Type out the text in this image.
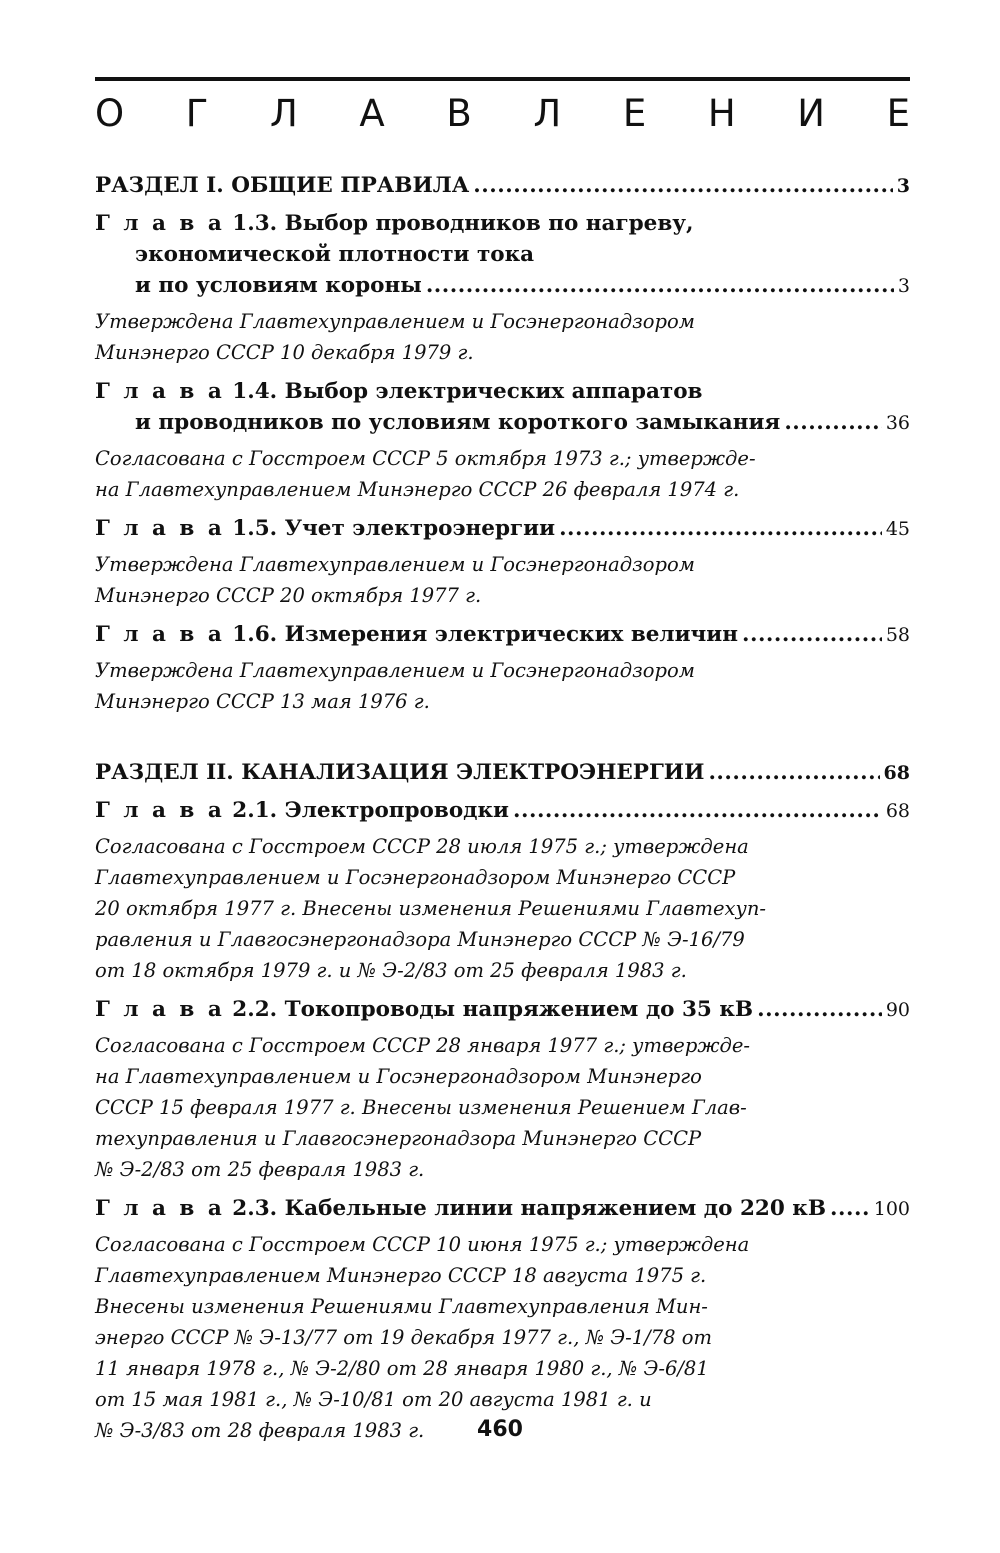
О Г Л А В Л Е Н И Е
РАЗДЕЛ I. ОБЩИЕ ПРАВИЛА .....	3
Г л а в а 1.3. Выбор проводников по нагреву,
экономической плотности тока
и по условиям короны .....	3
Утверждена Главтехуправлением и Госэнергонадзором
Минэнерго СССР 10 декабря 1979 г.
Г л а в а 1.4. Выбор электрических аппаратов
и проводников по условиям короткого замыкания .....	36
Согласована с Госстроем СССР 5 октября 1973 г.; утвержде-
на Главтехуправлением Минэнерго СССР 26 февраля 1974 г.
Г л а в а 1.5. Учет электроэнергии .....	45
Утверждена Главтехуправлением и Госэнергонадзором
Минэнерго СССР 20 октября 1977 г.
Г л а в а 1.6. Измерения электрических величин .....	58
Утверждена Главтехуправлением и Госэнергонадзором
Минэнерго СССР 13 мая 1976 г.
РАЗДЕЛ II. КАНАЛИЗАЦИЯ ЭЛЕКТРОЭНЕРГИИ .....	68
Г л а в а 2.1. Электропроводки .....	68
Согласована с Госстроем СССР 28 июля 1975 г.; утверждена
Главтехуправлением и Госэнергонадзором Минэнерго СССР
20 октября 1977 г. Внесены изменения Решениями Главтехуп-
равления и Главгосэнергонадзора Минэнерго СССР № Э-16/79
от 18 октября 1979 г. и № Э-2/83 от 25 февраля 1983 г.
Г л а в а 2.2. Токопроводы напряжением до 35 кВ .....	90
Согласована с Госстроем СССР 28 января 1977 г.; утвержде-
на Главтехуправлением и Госэнергонадзором Минэнерго
СССР 15 февраля 1977 г. Внесены изменения Решением Глав-
техуправления и Главгосэнергонадзора Минэнерго СССР
№ Э-2/83 от 25 февраля 1983 г.
Г л а в а 2.3. Кабельные линии напряжением до 220 кВ .....	100
Согласована с Госстроем СССР 10 июня 1975 г.; утверждена
Главтехуправлением Минэнерго СССР 18 августа 1975 г.
Внесены изменения Решениями Главтехуправления Мин-
энерго СССР № Э-13/77 от 19 декабря 1977 г., № Э-1/78 от
11 января 1978 г., № Э-2/80 от 28 января 1980 г., № Э-6/81
от 15 мая 1981 г., № Э-10/81 от 20 августа 1981 г. и
№ Э-3/83 от 28 февраля 1983 г.	460
